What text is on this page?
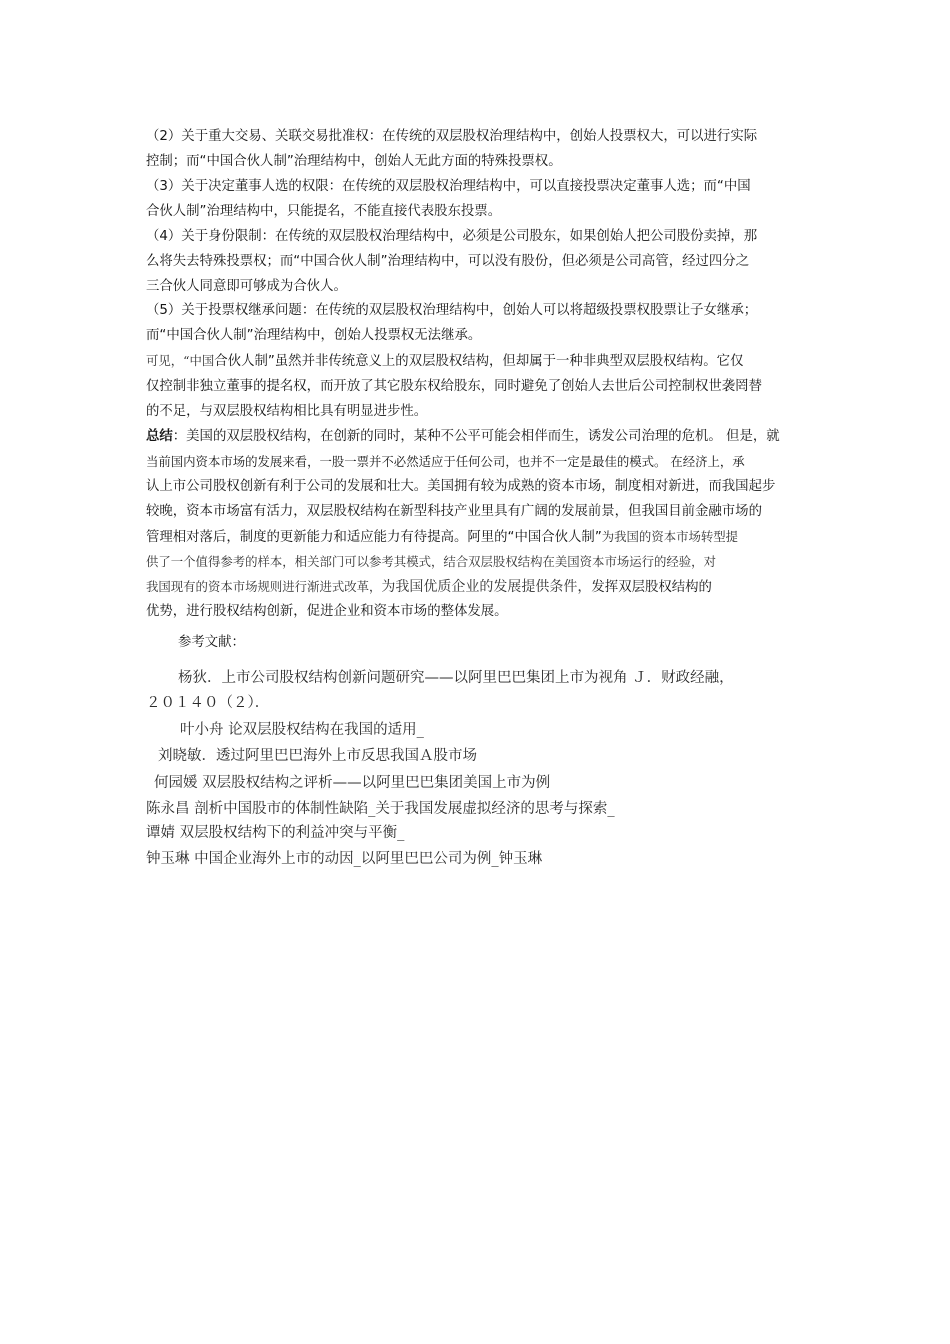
（2）关于重大交易、关联交易批准权：在传统的双层股权治理结构中，创始人投票权大，可以进行实际
控制；而“中国合伙人制”治理结构中，创始人无此方面的特殊投票权。
（3）关于决定董事人选的权限：在传统的双层股权治理结构中，可以直接投票决定董事人选；而“中国
合伙人制”治理结构中，只能提名，不能直接代表股东投票。
（4）关于身份限制：在传统的双层股权治理结构中，必须是公司股东，如果创始人把公司股份卖掉，那
么将失去特殊投票权；而“中国合伙人制”治理结构中，可以没有股份，但必须是公司高管，经过四分之
三合伙人同意即可够成为合伙人。
（5）关于投票权继承问题：在传统的双层股权治理结构中，创始人可以将超级投票权股票让子女继承；
而“中国合伙人制”治理结构中，创始人投票权无法继承。
可见，“中国合伙人制”虽然并非传统意义上的双层股权结构，但却属于一种非典型双层股权结构。它仅
仅控制非独立董事的提名权，而开放了其它股东权给股东，同时避免了创始人去世后公司控制权世袭罔替
的不足，与双层股权结构相比具有明显进步性。
总结：美国的双层股权结构，在创新的同时，某种不公平可能会相伴而生，诱发公司治理的危机。 但是，就
当前国内资本市场的发展来看，一股一票并不必然适应于任何公司，也并不一定是最佳的模式。 在经济上，承
认上市公司股权创新有利于公司的发展和壮大。美国拥有较为成熟的资本市场，制度相对新进，而我国起步
较晚，资本市场富有活力，双层股权结构在新型科技产业里具有广阔的发展前景，但我国目前金融市场的
管理相对落后，制度的更新能力和适应能力有待提高。阿里的“中国合伙人制”为我国的资本市场转型提
供了一个值得参考的样本，相关部门可以参考其模式，结合双层股权结构在美国资本市场运行的经验，对
我国现有的资本市场规则进行渐进式改革，为我国优质企业的发展提供条件，发挥双层股权结构的
优势，进行股权结构创新，促进企业和资本市场的整体发展。
参考文献：
杨狄．上市公司股权结构创新问题研究——以阿里巴巴集团上市为视角 Ｊ．财政经融，
２０１４０（２）．
叶小舟 论双层股权结构在我国的适用_
刘晓敏．透过阿里巴巴海外上市反思我国Ａ股市场
何园媛 双层股权结构之评析——以阿里巴巴集团美国上市为例
陈永昌 剖析中国股市的体制性缺陷_关于我国发展虚拟经济的思考与探索_
谭婧 双层股权结构下的利益冲突与平衡_
钟玉琳 中国企业海外上市的动因_以阿里巴巴公司为例_钟玉琳
